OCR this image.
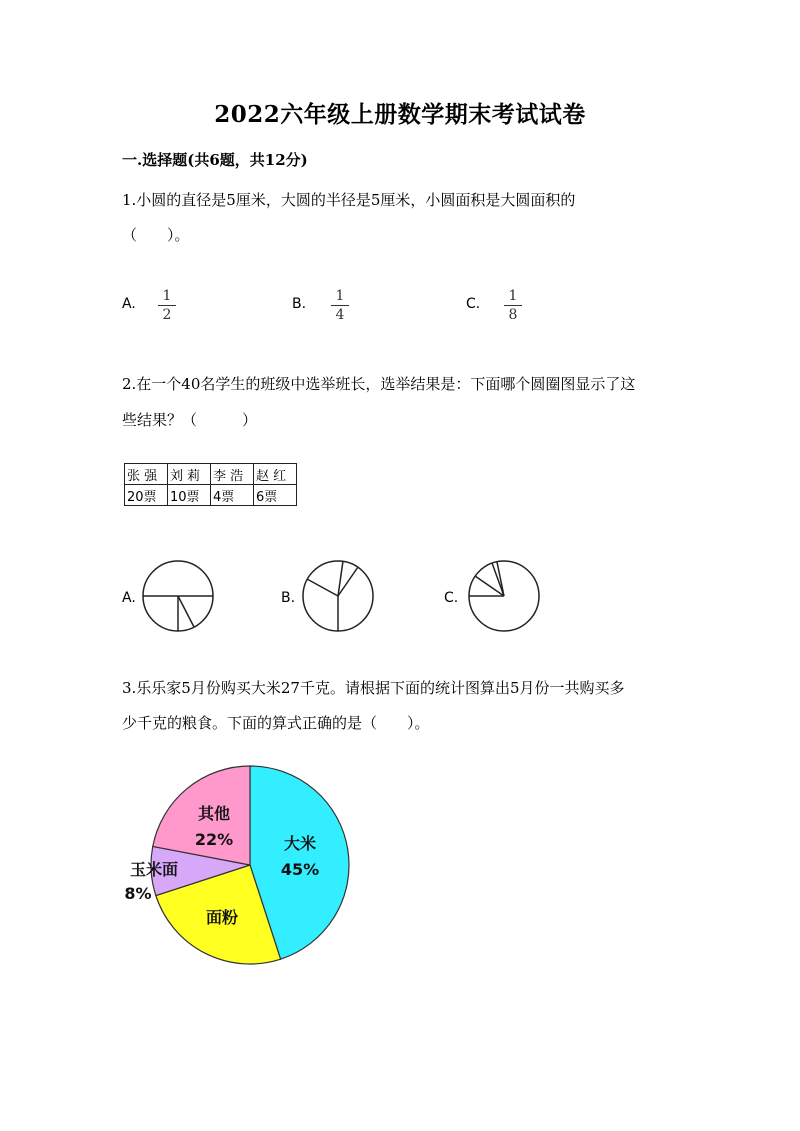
2022六年级上册数学期末考试试卷
一.选择题(共6题，共12分)
1.小圆的直径是5厘米，大圆的半径是5厘米，小圆面积是大圆面积的
（　　）。
A.	1
2
B.	1
4
C.	1
8
2.在一个40名学生的班级中选举班长，选举结果是：下面哪个圆圈图显示了这
些结果？（　　　）
张 强	刘 莉	李 浩	赵 红
20票	10票	4票	6票
A.	B.	C.
3.乐乐家5月份购买大米27千克。请根据下面的统计图算出5月份一共购买多
少千克的粮食。下面的算式正确的是（　　）。
大米
45%
面粉
玉米面
8%
其他
22%
